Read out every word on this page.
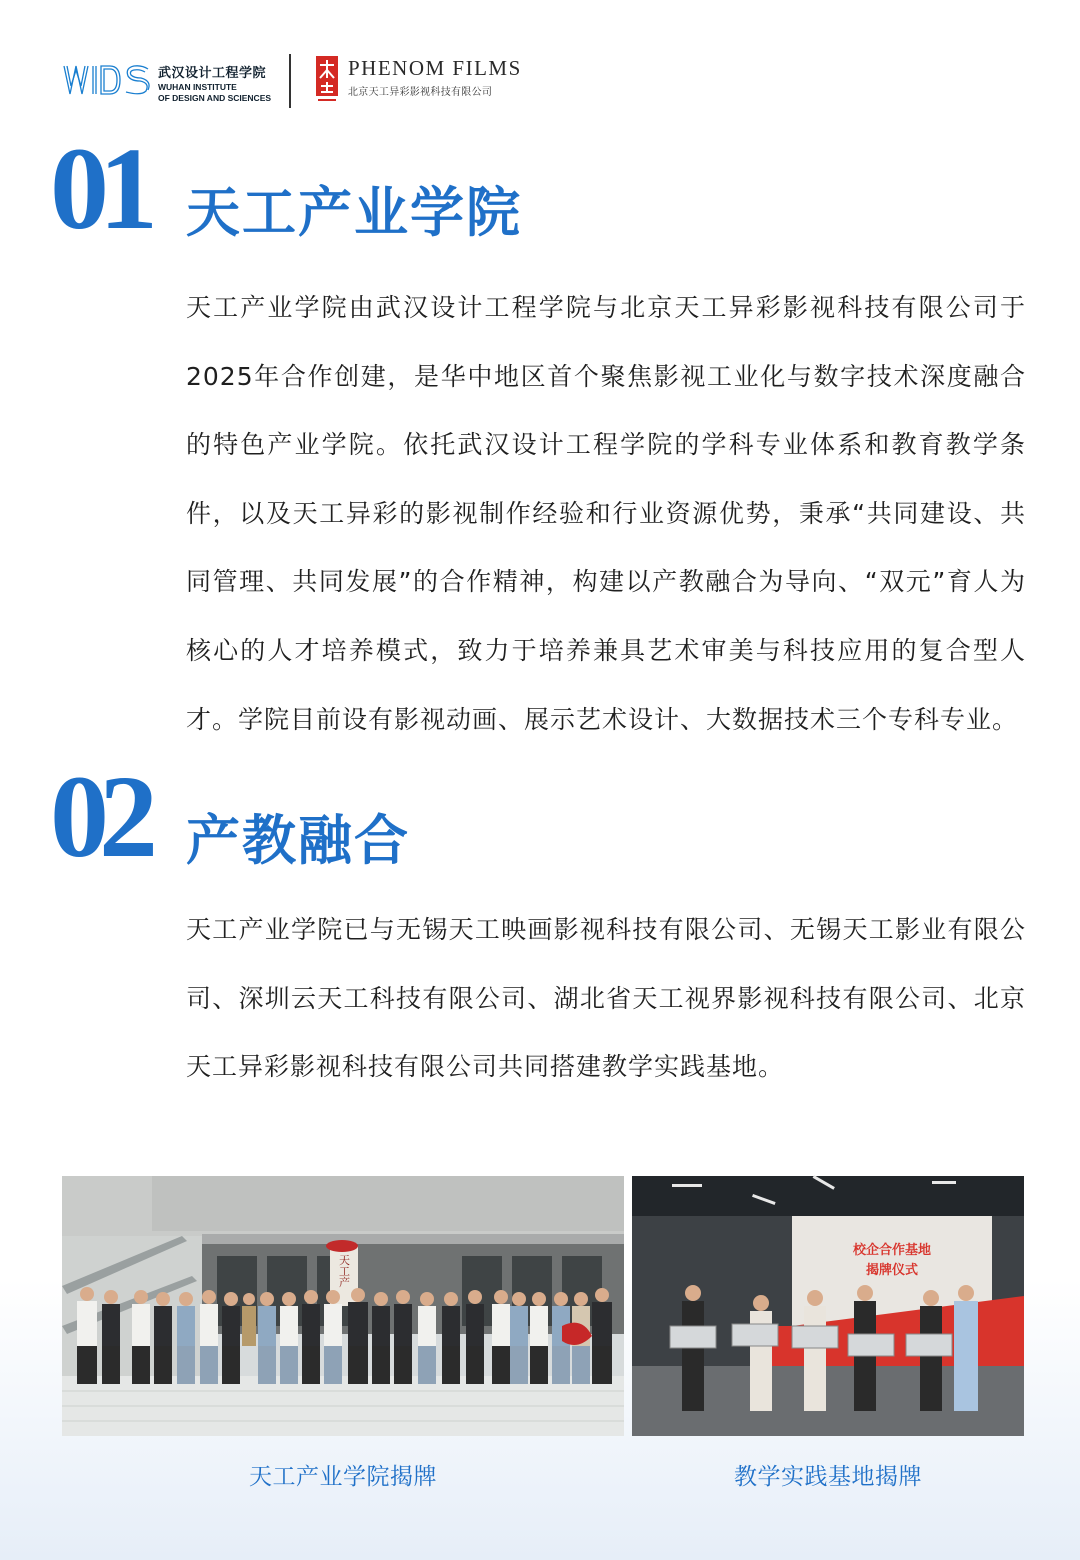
武汉设计工程学院
WUHAN INSTITUTE
OF DESIGN AND SCIENCES
PHENOM FILMS
北京天工异彩影视科技有限公司
01 天工产业学院
天工产业学院由武汉设计工程学院与北京天工异彩影视科技有限公司于2025年合作创建，是华中地区首个聚焦影视工业化与数字技术深度融合的特色产业学院。依托武汉设计工程学院的学科专业体系和教育教学条件，以及天工异彩的影视制作经验和行业资源优势，秉承“共同建设、共同管理、共同发展”的合作精神，构建以产教融合为导向、“双元”育人为核心的人才培养模式，致力于培养兼具艺术审美与科技应用的复合型人才。学院目前设有影视动画、展示艺术设计、大数据技术三个专科专业。
02 产教融合
天工产业学院已与无锡天工映画影视科技有限公司、无锡天工影业有限公司、深圳云天工科技有限公司、湖北省天工视界影视科技有限公司、北京天工异彩影视科技有限公司共同搭建教学实践基地。
天工产
天工产业学院揭牌
校企合作基地
揭牌仪式
教学实践基地揭牌
